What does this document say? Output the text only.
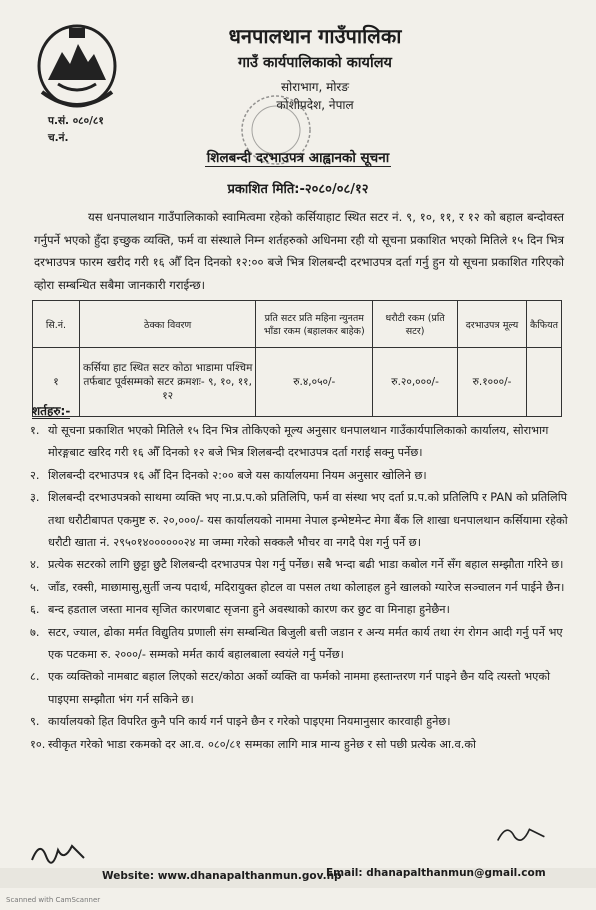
धनपालथान गाउँपालिका
गाउँ कार्यपालिकाको कार्यालय
सोराभाग, मोरङ
कोशीप्रदेश, नेपाल
प.सं. ०८०/८१
च.नं.
शिलबन्दी दरभाउपत्र आह्वानको सूचना
प्रकाशित मिति:-२०८०/०८/१२
यस धनपालथान गाउँपालिकाको स्वामित्वमा रहेको कर्सियाहाट स्थित सटर नं. ९, १०, ११, र १२ को बहाल बन्दोवस्त गर्नुपर्ने भएको हुँदा इच्छुक व्यक्ति, फर्म वा संस्थाले निम्न शर्तहरुको अधिनमा रही यो सूचना प्रकाशित भएको मितिले १५ दिन भित्र दरभाउपत्र फारम खरीद गरी १६ औँ दिन दिनको १२:०० बजे भित्र शिलबन्दी दरभाउपत्र दर्ता गर्नु हुन यो सूचना प्रकाशित गरिएको व्होरा सम्बन्धित सबैमा जानकारी गराईन्छ।
सि.नं.	ठेक्का विवरण	प्रति सटर प्रति महिना न्युनतम भाँडा रकम (बहालकर बाहेक)	धरौटी रकम (प्रति सटर)	दरभाउपत्र मूल्य	कैफियत
१	कर्सिया हाट स्थित सटर कोठा भाडामा पश्चिम तर्फबाट पूर्वसम्मको सटर क्रमशः- ९, १०, ११, १२	रु.४,०५०/-	रु.२०,०००/-	रु.१०००/-	
शर्तहरु:-
१. यो सूचना प्रकाशित भएको मितिले १५ दिन भित्र तोकिएको मूल्य अनुसार धनपालथान गाउँकार्यपालिकाको कार्यालय, सोराभाग मोरङ्गबाट खरिद गरी १६ औँ दिनको १२ बजे भित्र शिलबन्दी दरभाउपत्र दर्ता गराई सक्नु पर्नेछ।
२. शिलबन्दी दरभाउपत्र १६ औँ दिन दिनको २:०० बजे यस कार्यालयमा नियम अनुसार खोलिने छ।
३. शिलबन्दी दरभाउपत्रको साथमा व्यक्ति भए ना.प्र.प.को प्रतिलिपि, फर्म वा संस्था भए दर्ता प्र.प.को प्रतिलिपि र PAN को प्रतिलिपि तथा धरौटीबापत एकमुष्ट रु. २०,०००/- यस कार्यालयको नाममा नेपाल इन्भेष्टमेन्ट मेगा बैंक लि शाखा धनपालथान कर्सियामा रहेको धरौटी खाता नं. २९५०१४००००००२४ मा जम्मा गरेको सक्कलै भौचर वा नगदै पेश गर्नु पर्ने छ।
४. प्रत्येक सटरको लागि छुट्टा छुटै शिलबन्दी दरभाउपत्र पेश गर्नु पर्नेछ। सबै भन्दा बढी भाडा कबोल गर्ने सँग बहाल सम्झौता गरिने छ।
५. जाँड, रक्सी, माछामासु,सुर्ती जन्य पदार्थ, मदिरायुक्त होटल वा पसल तथा कोलाहल हुने खालको ग्यारेज सञ्चालन गर्न पाईने छैन।
६. बन्द हडताल जस्ता मानव सृजित कारणबाट सृजना हुने अवस्थाको कारण कर छुट वा मिनाहा हुनेछैन।
७. सटर, ज्याल, ढोका मर्मत विद्युतिय प्रणाली संग सम्बन्धित बिजुली बत्ती जडान र अन्य मर्मत कार्य तथा रंग रोगन आदी गर्नु पर्ने भए एक पटकमा रु. २०००/- सम्मको मर्मत कार्य बहालबाला स्वयंले गर्नु पर्नेछ।
८. एक व्यक्तिको नामबाट बहाल लिएको सटर/कोठा अर्को व्यक्ति वा फर्मको नाममा हस्तान्तरण गर्न पाइने छैन यदि त्यस्तो भएको पाइएमा सम्झौता भंग गर्न सकिने छ।
९. कार्यालयको हित विपरित कुनै पनि कार्य गर्न पाइने छैन र गरेको पाइएमा नियमानुसार कारवाही हुनेछ।
१०. स्वीकृत गरेको भाडा रकमको दर आ.व. ०८०/८१ सम्मका लागि मात्र मान्य हुनेछ र सो पछी प्रत्येक आ.व.को
Website: www.dhanapalthanmun.gov.np
Email: dhanapalthanmun@gmail.com
Scanned with CamScanner
